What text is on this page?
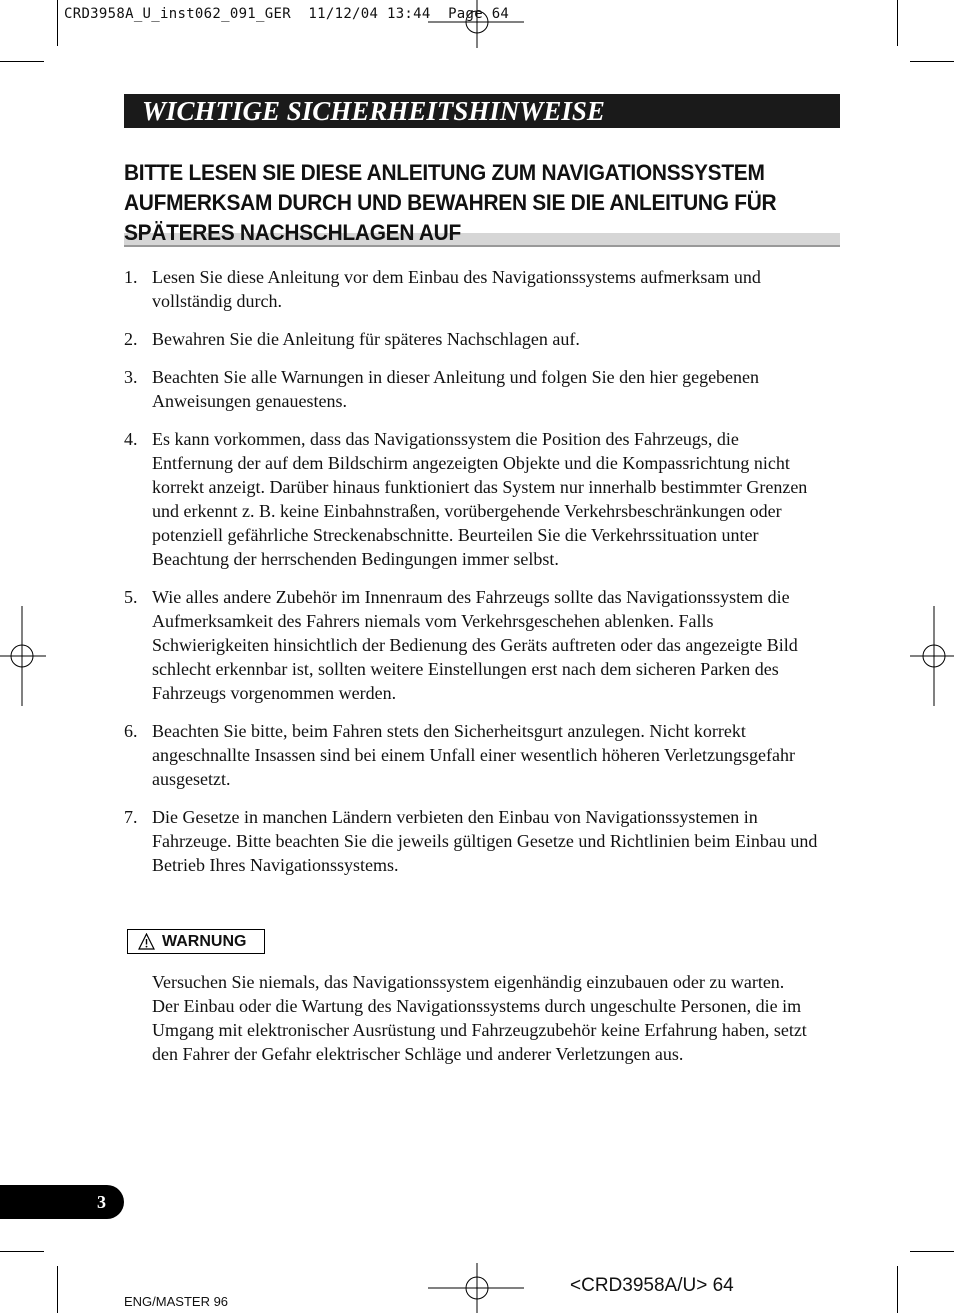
CRD3958A_U_inst062_091_GER  11/12/04 13:44  Page 64
WICHTIGE SICHERHEITSHINWEISE
BITTE LESEN SIE DIESE ANLEITUNG ZUM NAVIGATIONSSYSTEM AUFMERKSAM DURCH UND BEWAHREN SIE DIE ANLEITUNG FÜR SPÄTERES NACHSCHLAGEN AUF
1. Lesen Sie diese Anleitung vor dem Einbau des Navigationssystems aufmerksam und vollständig durch.
2. Bewahren Sie die Anleitung für späteres Nachschlagen auf.
3. Beachten Sie alle Warnungen in dieser Anleitung und folgen Sie den hier gegebenen Anweisungen genauestens.
4. Es kann vorkommen, dass das Navigationssystem die Position des Fahrzeugs, die Entfernung der auf dem Bildschirm angezeigten Objekte und die Kompassrichtung nicht korrekt anzeigt. Darüber hinaus funktioniert das System nur innerhalb bestimmter Grenzen und erkennt z. B. keine Einbahnstraßen, vorübergehende Verkehrsbeschränkungen oder potenziell gefährliche Streckenabschnitte. Beurteilen Sie die Verkehrssituation unter Beachtung der herrschenden Bedingungen immer selbst.
5. Wie alles andere Zubehör im Innenraum des Fahrzeugs sollte das Navigationssystem die Aufmerksamkeit des Fahrers niemals vom Verkehrsgeschehen ablenken. Falls Schwierigkeiten hinsichtlich der Bedienung des Geräts auftreten oder das angezeigte Bild schlecht erkennbar ist, sollten weitere Einstellungen erst nach dem sicheren Parken des Fahrzeugs vorgenommen werden.
6. Beachten Sie bitte, beim Fahren stets den Sicherheitsgurt anzulegen. Nicht korrekt angeschnallte Insassen sind bei einem Unfall einer wesentlich höheren Verletzungsgefahr ausgesetzt.
7. Die Gesetze in manchen Ländern verbieten den Einbau von Navigationssystemen in Fahrzeuge. Bitte beachten Sie die jeweils gültigen Gesetze und Richtlinien beim Einbau und Betrieb Ihres Navigationssystems.
WARNUNG
Versuchen Sie niemals, das Navigationssystem eigenhändig einzubauen oder zu warten.
Der Einbau oder die Wartung des Navigationssystems durch ungeschulte Personen, die im Umgang mit elektronischer Ausrüstung und Fahrzeugzubehör keine Erfahrung haben, setzt den Fahrer der Gefahr elektrischer Schläge und anderer Verletzungen aus.
3
ENG/MASTER 96
<CRD3958A/U> 64
